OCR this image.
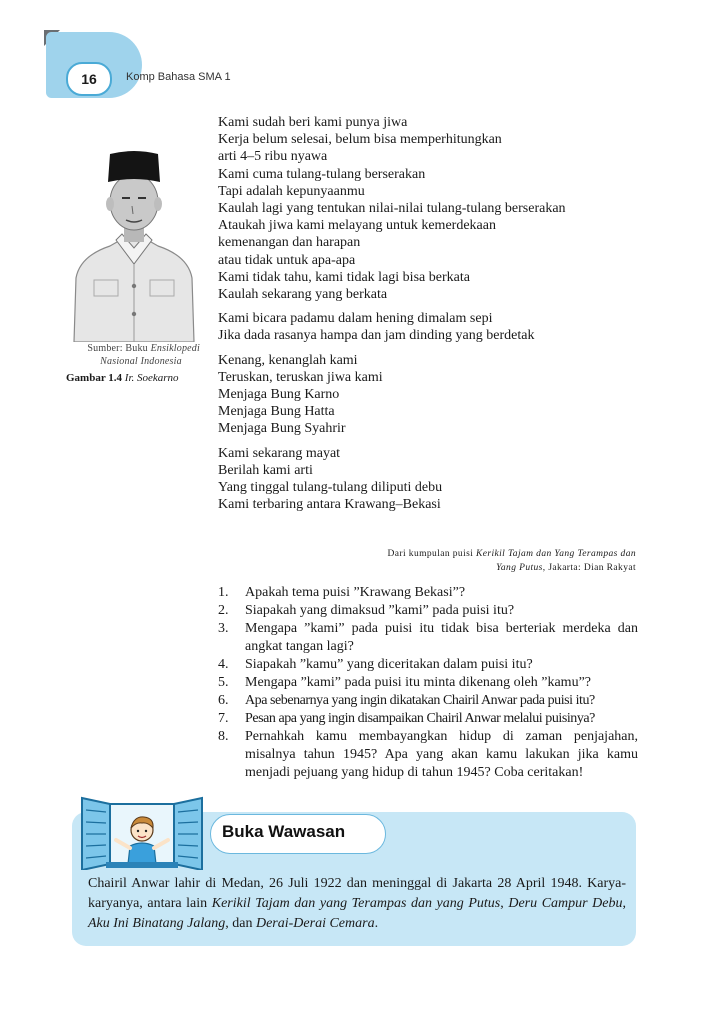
16	Komp Bahasa SMA 1
Sumber: Buku Ensiklopedi
Nasional Indonesia
Gambar 1.4 Ir. Soekarno
Kami sudah beri kami punya jiwa
Kerja belum selesai, belum bisa memperhitungkan
arti 4–5 ribu nyawa
Kami cuma tulang-tulang berserakan
Tapi adalah kepunyaanmu
Kaulah lagi yang tentukan nilai-nilai tulang-tulang berserakan
Ataukah jiwa kami melayang untuk kemerdekaan
kemenangan dan harapan
atau tidak untuk apa-apa
Kami tidak tahu, kami tidak lagi bisa berkata
Kaulah sekarang yang berkata
Kami bicara padamu dalam hening dimalam sepi
Jika dada rasanya hampa dan jam dinding yang berdetak
Kenang, kenanglah kami
Teruskan, teruskan jiwa kami
Menjaga Bung Karno
Menjaga Bung Hatta
Menjaga Bung Syahrir
Kami sekarang mayat
Berilah kami arti
Yang tinggal tulang-tulang diliputi debu
Kami terbaring antara Krawang–Bekasi
Dari kumpulan puisi Kerikil Tajam dan Yang Terampas dan
Yang Putus, Jakarta: Dian Rakyat
1.	Apakah tema puisi ”Krawang Bekasi”?
2.	Siapakah yang dimaksud ”kami” pada puisi itu?
3.	Mengapa ”kami” pada puisi itu tidak bisa berteriak merdeka dan angkat tangan lagi?
4.	Siapakah ”kamu” yang diceritakan dalam puisi itu?
5.	Mengapa ”kami” pada puisi itu minta dikenang oleh ”kamu”?
6.	Apa sebenarnya yang ingin dikatakan Chairil Anwar pada puisi itu?
7.	Pesan apa yang ingin disampaikan Chairil Anwar melalui puisinya?
8.	Pernahkah kamu membayangkan hidup di zaman penjajahan, misalnya tahun 1945? Apa yang akan kamu lakukan jika kamu menjadi pejuang yang hidup di tahun 1945? Coba ceritakan!
Buka Wawasan
Chairil Anwar lahir di Medan, 26 Juli 1922 dan meninggal di Jakarta 28 April 1948. Karya-karyanya, antara lain Kerikil Tajam dan yang Terampas dan yang Putus, Deru Campur Debu, Aku Ini Binatang Jalang, dan Derai-Derai Cemara.
